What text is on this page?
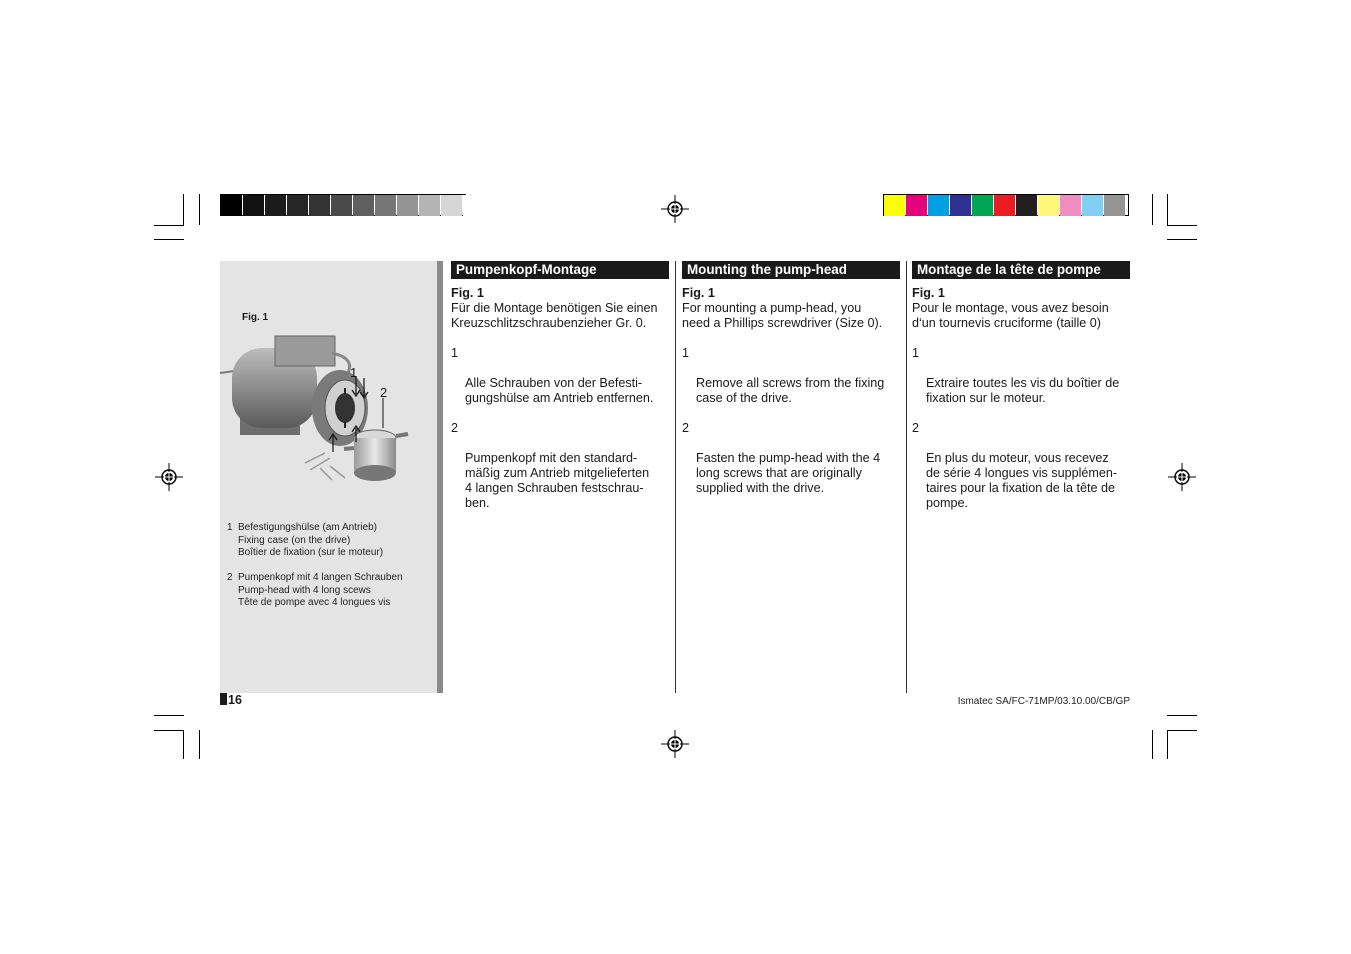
Fig. 1
1
2
1 Befestigungshülse (am Antrieb)
Fixing case (on the drive)
Boîtier de fixation (sur le moteur)
2 Pumpenkopf mit 4 langen Schrauben
Pump-head with 4 long scews
Tête de pompe avec 4 longues vis
Pumpenkopf-Montage
Fig. 1
Für die Montage benötigen Sie einen
Kreuzschlitzschraubenzieher Gr. 0.

1

Alle Schrauben von der Befesti-
gungshülse am Antrieb entfernen.

2

Pumpenkopf mit den standard-
mäßig zum Antrieb mitgelieferten
4 langen Schrauben festschrau-
ben.

Mounting the pump-head
Fig. 1
For mounting a pump-head, you
need a Phillips screwdriver (Size 0).

1

Remove all screws from the fixing
case of the drive.

2

Fasten the pump-head with the 4
long screws that are originally
supplied with the drive.

Montage de la tête de pompe
Fig. 1
Pour le montage, vous avez besoin
d‘un tournevis cruciforme (taille 0)

1

Extraire toutes les vis du boîtier de
fixation sur le moteur.

2

En plus du moteur, vous recevez
de série 4 longues vis supplémen-
taires pour la fixation de la tête de
pompe.

16	Ismatec SA/FC-71MP/03.10.00/CB/GP
